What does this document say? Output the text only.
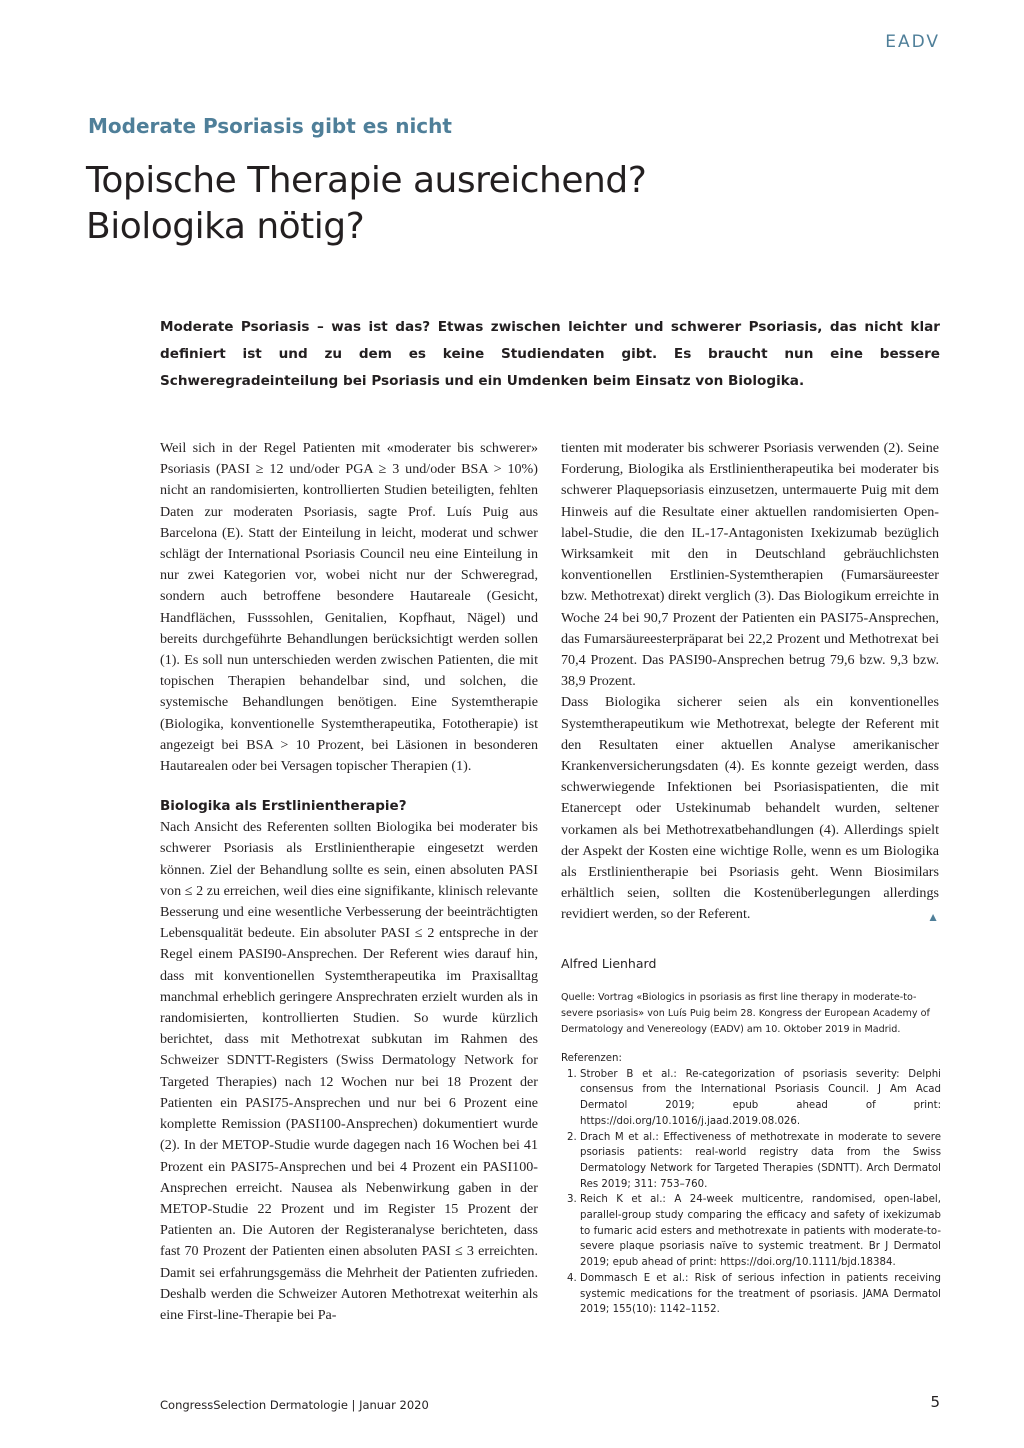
EADV
Moderate Psoriasis gibt es nicht
Topische Therapie ausreichend?
Biologika nötig?
Moderate Psoriasis – was ist das? Etwas zwischen leichter und schwerer Psoriasis, das nicht klar definiert ist und zu dem es keine Studiendaten gibt. Es braucht nun eine bessere Schweregradeinteilung bei Psoriasis und ein Umdenken beim Einsatz von Biologika.

Weil sich in der Regel Patienten mit «moderater bis schwerer» Psoriasis (PASI ≥ 12 und/oder PGA ≥ 3 und/oder BSA > 10%) nicht an randomisierten, kontrollierten Studien beteiligten, fehlten Daten zur moderaten Psoriasis, sagte Prof. Luís Puig aus Barcelona (E). Statt der Einteilung in leicht, moderat und schwer schlägt der International Psoriasis Council neu eine Einteilung in nur zwei Kategorien vor, wobei nicht nur der Schweregrad, sondern auch betroffene besondere Hautareale (Gesicht, Handflächen, Fusssohlen, Genitalien, Kopfhaut, Nägel) und bereits durchgeführte Behandlungen berücksichtigt werden sollen (1). Es soll nun unterschieden werden zwischen Patienten, die mit topischen Therapien behandelbar sind, und solchen, die systemische Behandlungen benötigen. Eine Systemtherapie (Biologika, konventionelle Systemtherapeutika, Fototherapie) ist angezeigt bei BSA > 10 Prozent, bei Läsionen in besonderen Hautarealen oder bei Versagen topischer Therapien (1).

Biologika als Erstlinientherapie?

Nach Ansicht des Referenten sollten Biologika bei moderater bis schwerer Psoriasis als Erstlinientherapie eingesetzt werden können. Ziel der Behandlung sollte es sein, einen absoluten PASI von ≤ 2 zu erreichen, weil dies eine signifikante, klinisch relevante Besserung und eine wesentliche Verbesserung der beeinträchtigten Lebensqualität bedeute. Ein absoluter PASI ≤ 2 entspreche in der Regel einem PASI90-Ansprechen. Der Referent wies darauf hin, dass mit konventionellen Systemtherapeutika im Praxisalltag manchmal erheblich geringere Ansprechraten erzielt wurden als in randomisierten, kontrollierten Studien. So wurde kürzlich berichtet, dass mit Methotrexat subkutan im Rahmen des Schweizer SDNTT-Registers (Swiss Dermatology Network for Targeted Therapies) nach 12 Wochen nur bei 18 Prozent der Patienten ein PASI75-Ansprechen und nur bei 6 Prozent eine komplette Remission (PASI100-Ansprechen) dokumentiert wurde (2). In der METOP-Studie wurde dagegen nach 16 Wochen bei 41 Prozent ein PASI75-Ansprechen und bei 4 Prozent ein PASI100-Ansprechen erreicht. Nausea als Nebenwirkung gaben in der METOP-Studie 22 Prozent und im Register 15 Prozent der Patienten an. Die Autoren der Registeranalyse berichteten, dass fast 70 Prozent der Patienten einen absoluten PASI ≤ 3 erreichten. Damit sei erfahrungsgemäss die Mehrheit der Patienten zufrieden. Deshalb werden die Schweizer Autoren Methotrexat weiterhin als eine First-line-Therapie bei Pa-

tienten mit moderater bis schwerer Psoriasis verwenden (2). Seine Forderung, Biologika als Erstlinientherapeutika bei moderater bis schwerer Plaquepsoriasis einzusetzen, untermauerte Puig mit dem Hinweis auf die Resultate einer aktuellen randomisierten Open-label-Studie, die den IL-17-Antagonisten Ixekizumab bezüglich Wirksamkeit mit den in Deutschland gebräuchlichsten konventionellen Erstlinien-Systemtherapien (Fumarsäureester bzw. Methotrexat) direkt verglich (3). Das Biologikum erreichte in Woche 24 bei 90,7 Prozent der Patienten ein PASI75-Ansprechen, das Fumarsäureesterpräparat bei 22,2 Prozent und Methotrexat bei 70,4 Prozent. Das PASI90-Ansprechen betrug 79,6 bzw. 9,3 bzw. 38,9 Prozent.

Dass Biologika sicherer seien als ein konventionelles Systemtherapeutikum wie Methotrexat, belegte der Referent mit den Resultaten einer aktuellen Analyse amerikanischer Krankenversicherungsdaten (4). Es konnte gezeigt werden, dass schwerwiegende Infektionen bei Psoriasispatienten, die mit Etanercept oder Ustekinumab behandelt wurden, seltener vorkamen als bei Methotrexatbehandlungen (4). Allerdings spielt der Aspekt der Kosten eine wichtige Rolle, wenn es um Biologika als Erstlinientherapie bei Psoriasis geht. Wenn Biosimilars erhältlich seien, sollten die Kostenüberlegungen allerdings revidiert werden, so der Referent.	▲

Alfred Lienhard
Quelle: Vortrag «Biologics in psoriasis as first line therapy in moderate-to-severe psoriasis» von Luís Puig beim 28. Kongress der European Academy of Dermatology and Venereology (EADV) am 10. Oktober 2019 in Madrid.

Referenzen:

1. Strober B et al.: Re-categorization of psoriasis severity: Delphi consensus from the International Psoriasis Council. J Am Acad Dermatol 2019; epub ahead of print: https://doi.org/10.1016/j.jaad.2019.08.026.
2. Drach M et al.: Effectiveness of methotrexate in moderate to severe psoriasis patients: real-world registry data from the Swiss Dermatology Network for Targeted Therapies (SDNTT). Arch Dermatol Res 2019; 311: 753–760.
3. Reich K et al.: A 24-week multicentre, randomised, open-label, parallel-group study comparing the efficacy and safety of ixekizumab to fumaric acid esters and methotrexate in patients with moderate-to-severe plaque psoriasis naïve to systemic treatment. Br J Dermatol 2019; epub ahead of print: https://doi.org/10.1111/bjd.18384.
4. Dommasch E et al.: Risk of serious infection in patients receiving systemic medications for the treatment of psoriasis. JAMA Dermatol 2019; 155(10): 1142–1152.
CongressSelection Dermatologie | Januar 2020	5
